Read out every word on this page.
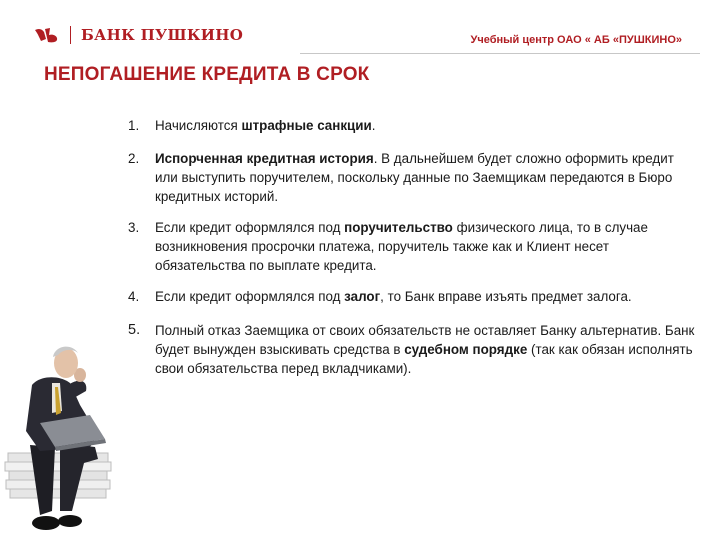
БАНК ПУШКИНО	Учебный центр ОАО « АБ «ПУШКИНО»
НЕПОГАШЕНИЕ КРЕДИТА В СРОК
1.	Начисляются штрафные санкции.
2.	Испорченная кредитная история. В дальнейшем будет сложно оформить кредит или выступить поручителем, поскольку данные по Заемщикам передаются в Бюро кредитных историй.
3.	Если кредит оформлялся под поручительство физического лица, то в случае возникновения просрочки платежа, поручитель также как и Клиент несет обязательства по выплате кредита.
4.	Если кредит оформлялся под залог, то Банк вправе изъять предмет залога.
5.	Полный отказ Заемщика от своих обязательств не оставляет Банку альтернатив. Банк будет вынужден взыскивать средства в судебном порядке (так как обязан исполнять свои обязательства перед вкладчиками).
